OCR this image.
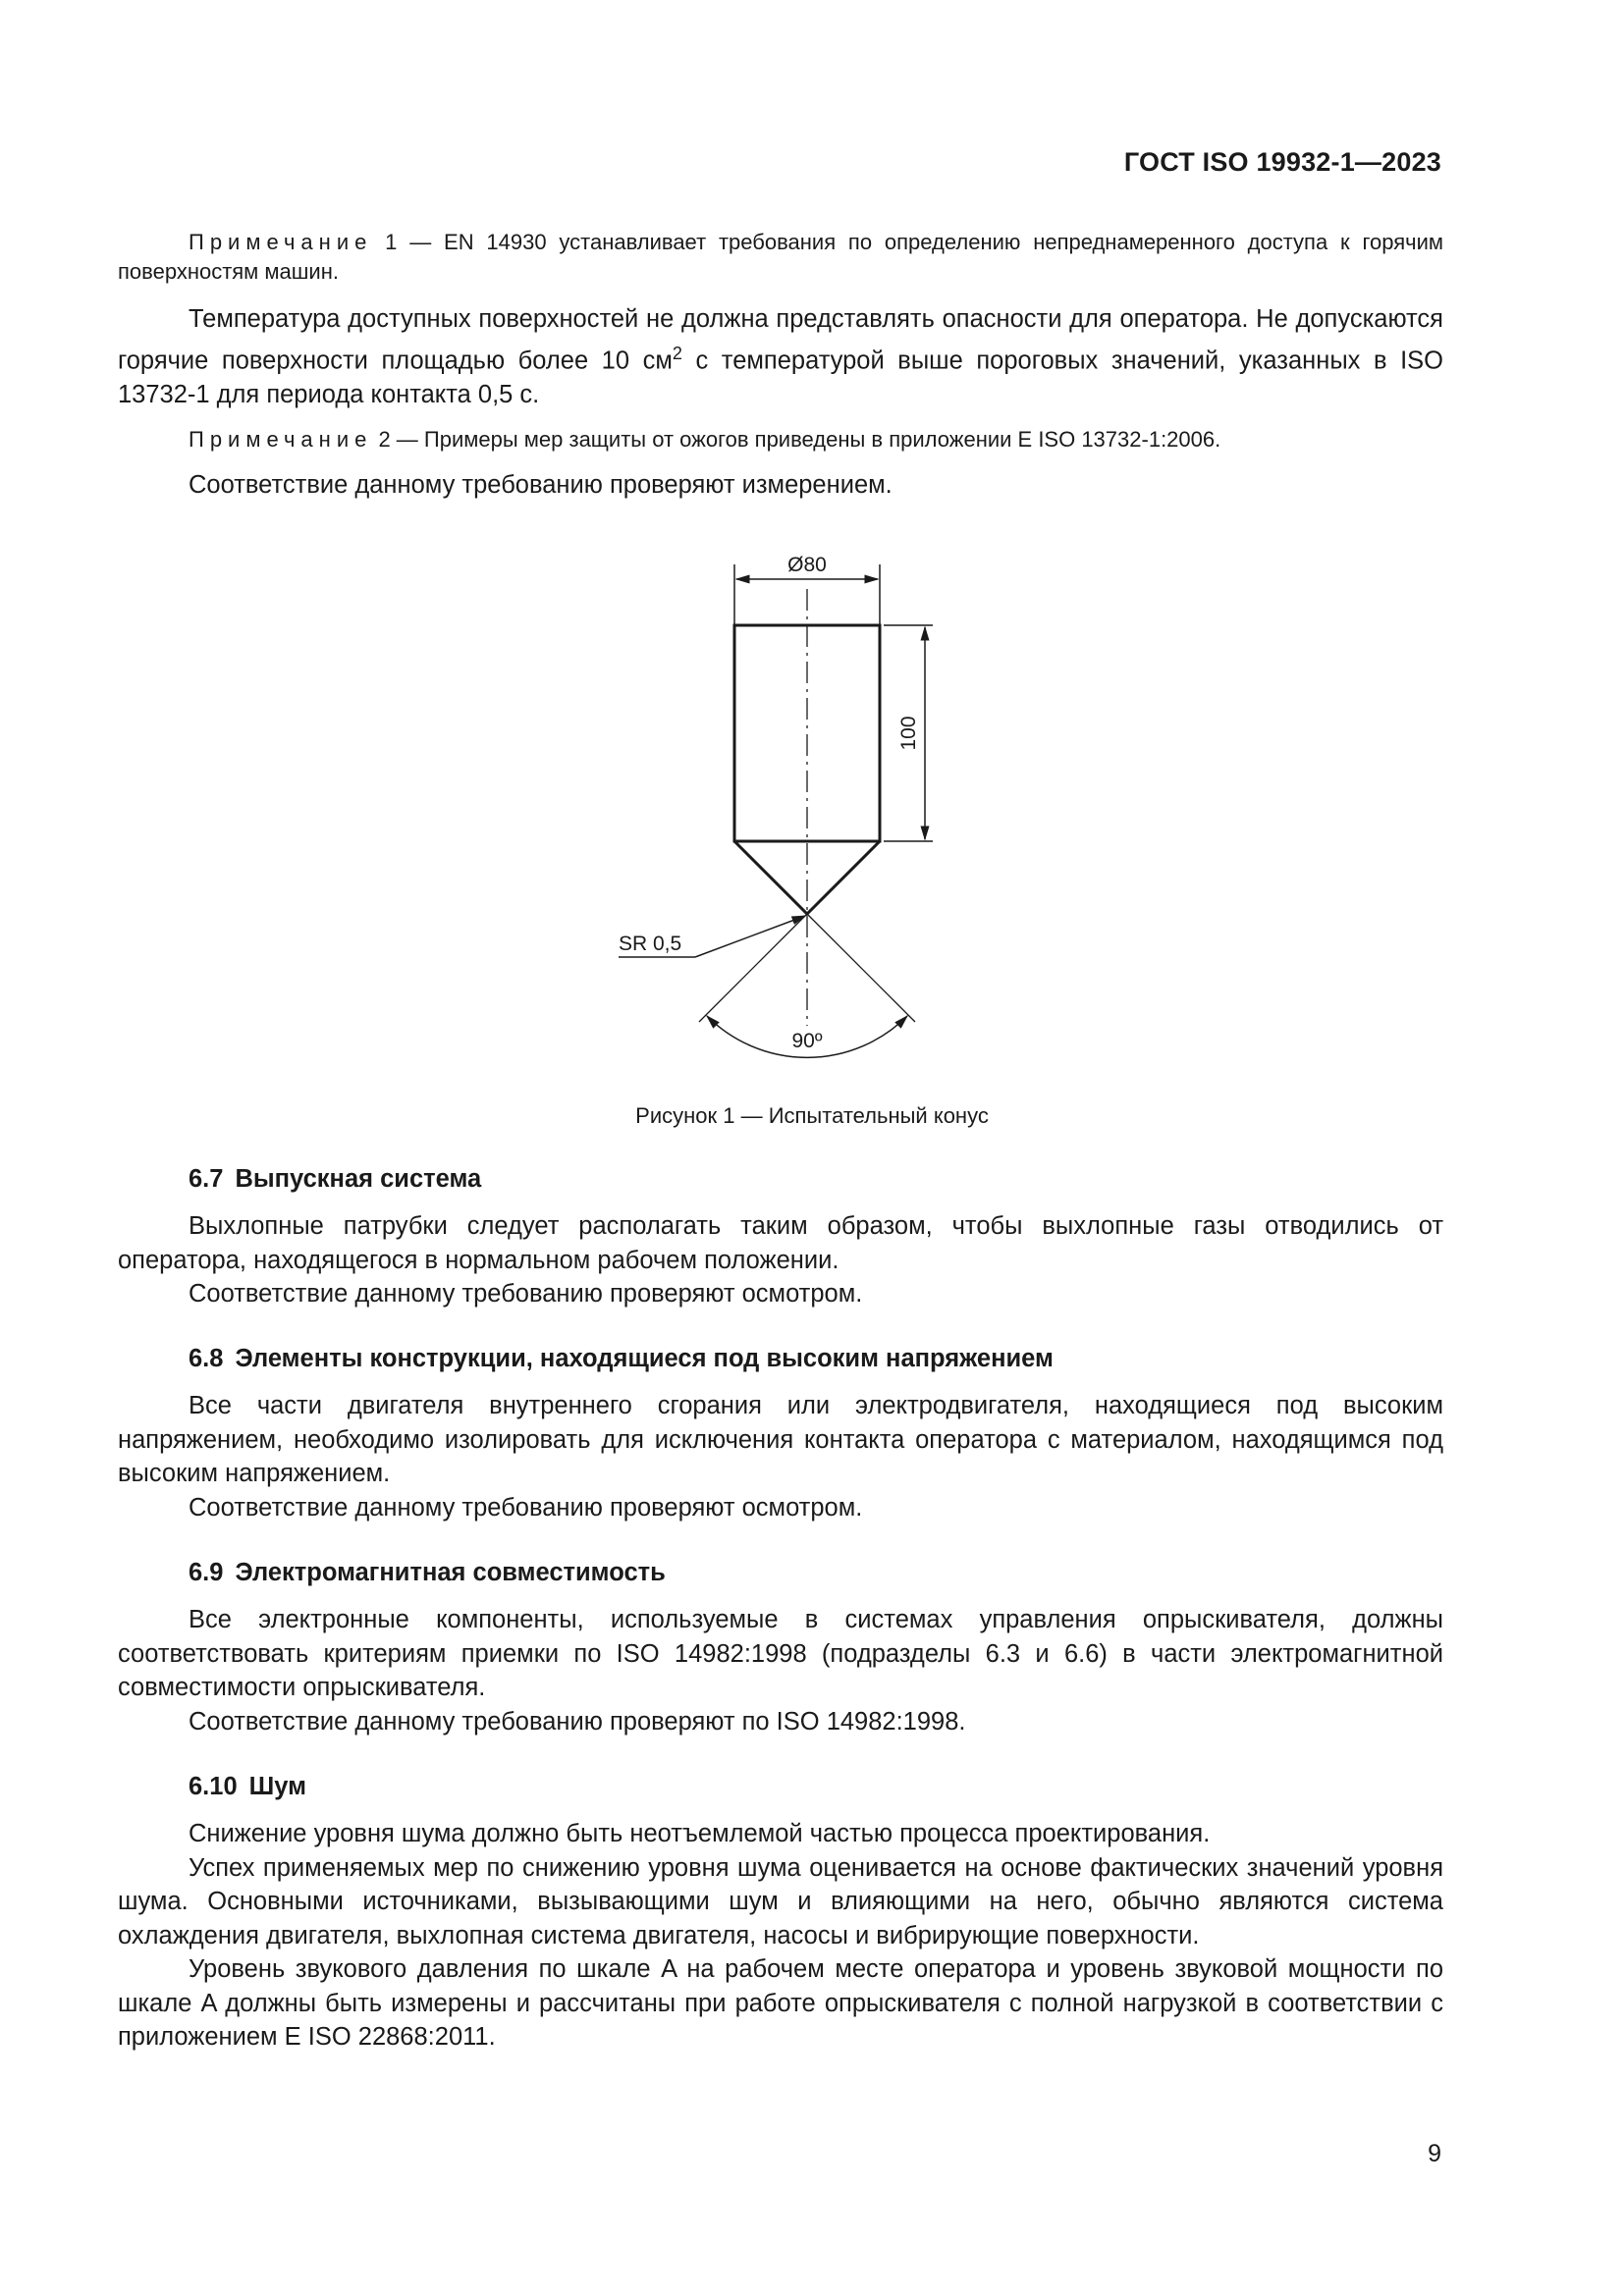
ГОСТ ISO 19932-1—2023

Примечание 1 — EN 14930 устанавливает требования по определению непреднамеренного доступа к горячим поверхностям машин.

Температура доступных поверхностей не должна представлять опасности для оператора. Не допускаются горячие поверхности площадью более 10 $см^2$ с температурой выше пороговых значений, указанных в ISO 13732-1 для периода контакта 0,5 с.

Примечание 2 — Примеры мер защиты от ожогов приведены в приложении E ISO 13732-1:2006.

Соответствие данному требованию проверяют измерением.

Ø80
100
SR 0,5
90º
Рисунок 1 — Испытательный конус

6.7 Выпускная система

Выхлопные патрубки следует располагать таким образом, чтобы выхлопные газы отводились от оператора, находящегося в нормальном рабочем положении.

Соответствие данному требованию проверяют осмотром.

6.8 Элементы конструкции, находящиеся под высоким напряжением

Все части двигателя внутреннего сгорания или электродвигателя, находящиеся под высоким напряжением, необходимо изолировать для исключения контакта оператора с материалом, находящимся под высоким напряжением.

Соответствие данному требованию проверяют осмотром.

6.9 Электромагнитная совместимость

Все электронные компоненты, используемые в системах управления опрыскивателя, должны соответствовать критериям приемки по ISO 14982:1998 (подразделы 6.3 и 6.6) в части электромагнитной совместимости опрыскивателя.

Соответствие данному требованию проверяют по ISO 14982:1998.

6.10 Шум

Снижение уровня шума должно быть неотъемлемой частью процесса проектирования.

Успех применяемых мер по снижению уровня шума оценивается на основе фактических значений уровня шума. Основными источниками, вызывающими шум и влияющими на него, обычно являются система охлаждения двигателя, выхлопная система двигателя, насосы и вибрирующие поверхности.

Уровень звукового давления по шкале A на рабочем месте оператора и уровень звуковой мощности по шкале A должны быть измерены и рассчитаны при работе опрыскивателя с полной нагрузкой в соответствии с приложением E ISO 22868:2011.

9
